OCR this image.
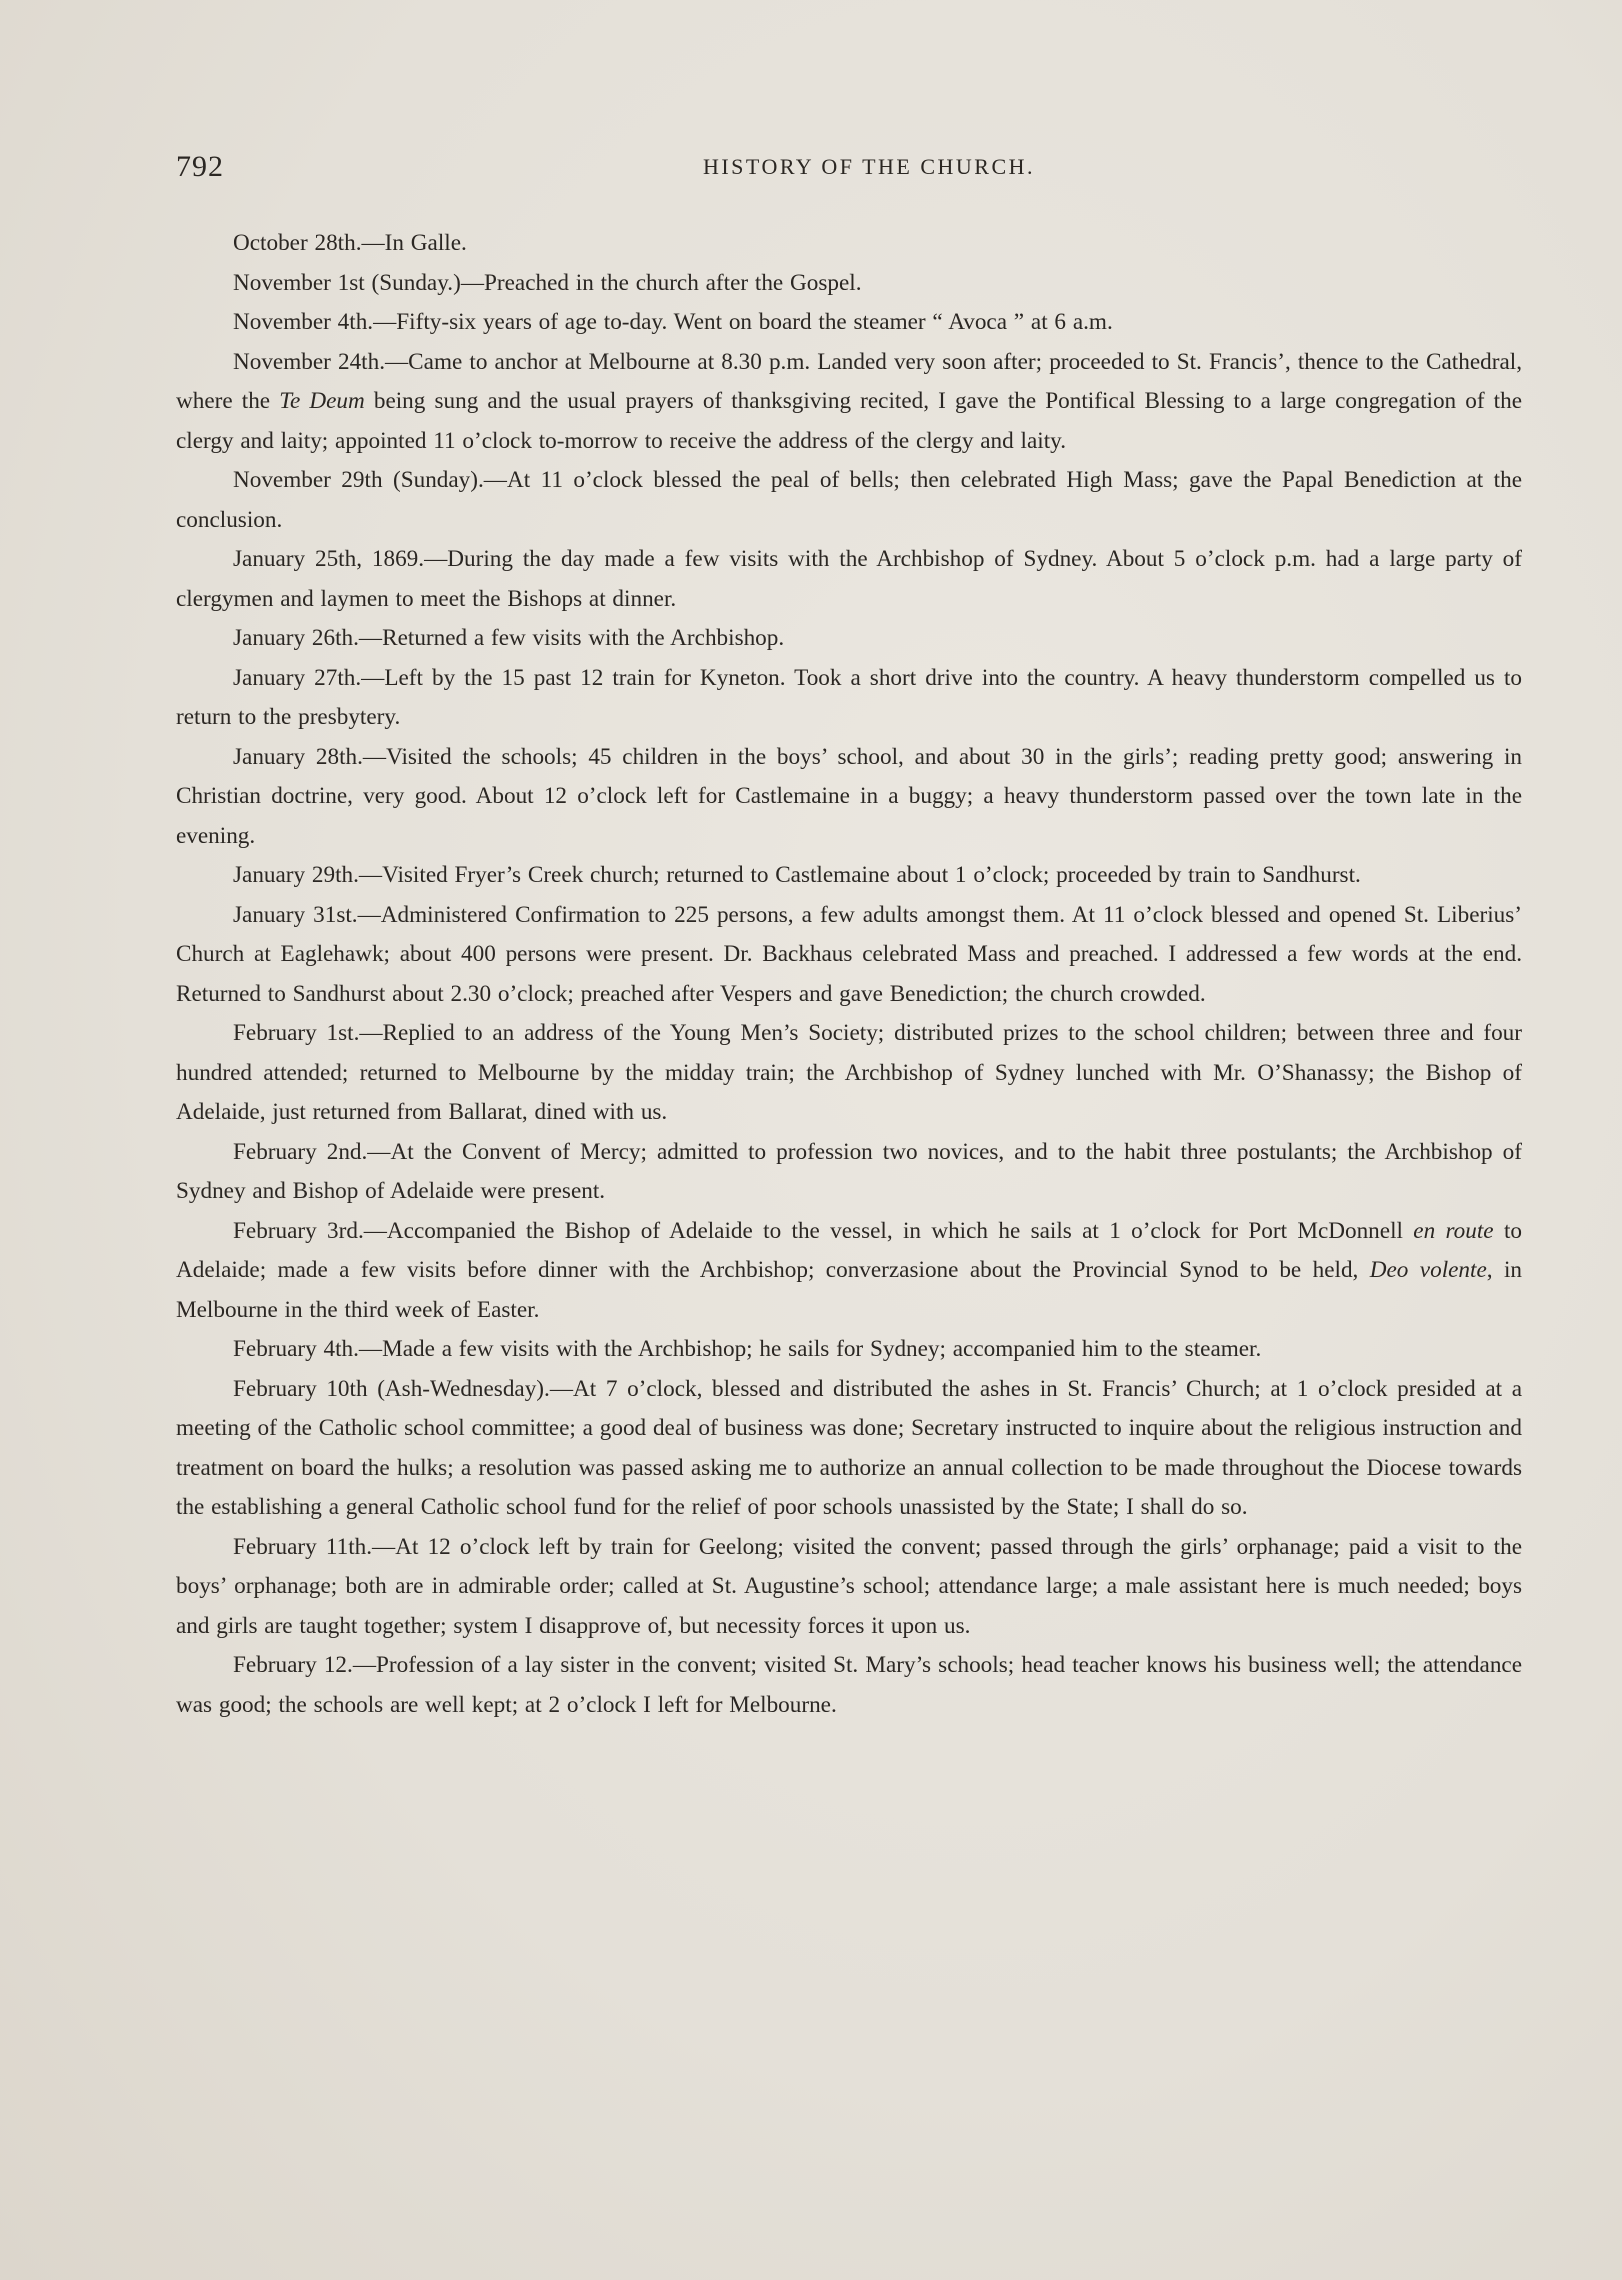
792	HISTORY OF THE CHURCH.

October 28th.—In Galle.

November 1st (Sunday.)—Preached in the church after the Gospel.

November 4th.—Fifty-six years of age to-day. Went on board the steamer “ Avoca ” at 6 a.m.

November 24th.—Came to anchor at Melbourne at 8.30 p.m. Landed very soon after; proceeded to St. Francis’, thence to the Cathedral, where the Te Deum being sung and the usual prayers of thanksgiving recited, I gave the Pontifical Blessing to a large congregation of the clergy and laity; appointed 11 o’clock to-morrow to receive the address of the clergy and laity.

November 29th (Sunday).—At 11 o’clock blessed the peal of bells; then celebrated High Mass; gave the Papal Benediction at the conclusion.

January 25th, 1869.—During the day made a few visits with the Archbishop of Sydney. About 5 o’clock p.m. had a large party of clergymen and laymen to meet the Bishops at dinner.

January 26th.—Returned a few visits with the Archbishop.

January 27th.—Left by the 15 past 12 train for Kyneton. Took a short drive into the country. A heavy thunderstorm compelled us to return to the presbytery.

January 28th.—Visited the schools; 45 children in the boys’ school, and about 30 in the girls’; reading pretty good; answering in Christian doctrine, very good. About 12 o’clock left for Castlemaine in a buggy; a heavy thunderstorm passed over the town late in the evening.

January 29th.—Visited Fryer’s Creek church; returned to Castlemaine about 1 o’clock; proceeded by train to Sandhurst.

January 31st.—Administered Confirmation to 225 persons, a few adults amongst them. At 11 o’clock blessed and opened St. Liberius’ Church at Eaglehawk; about 400 persons were present. Dr. Backhaus celebrated Mass and preached. I addressed a few words at the end. Returned to Sandhurst about 2.30 o’clock; preached after Vespers and gave Benediction; the church crowded.

February 1st.—Replied to an address of the Young Men’s Society; distributed prizes to the school children; between three and four hundred attended; returned to Melbourne by the midday train; the Archbishop of Sydney lunched with Mr. O’Shanassy; the Bishop of Adelaide, just returned from Ballarat, dined with us.

February 2nd.—At the Convent of Mercy; admitted to profession two novices, and to the habit three postulants; the Archbishop of Sydney and Bishop of Adelaide were present.

February 3rd.—Accompanied the Bishop of Adelaide to the vessel, in which he sails at 1 o’clock for Port McDonnell en route to Adelaide; made a few visits before dinner with the Archbishop; converzasione about the Provincial Synod to be held, Deo volente, in Melbourne in the third week of Easter.

February 4th.—Made a few visits with the Archbishop; he sails for Sydney; accompanied him to the steamer.

February 10th (Ash-Wednesday).—At 7 o’clock, blessed and distributed the ashes in St. Francis’ Church; at 1 o’clock presided at a meeting of the Catholic school committee; a good deal of business was done; Secretary instructed to inquire about the religious instruction and treatment on board the hulks; a resolution was passed asking me to authorize an annual collection to be made throughout the Diocese towards the establishing a general Catholic school fund for the relief of poor schools unassisted by the State; I shall do so.

February 11th.—At 12 o’clock left by train for Geelong; visited the convent; passed through the girls’ orphanage; paid a visit to the boys’ orphanage; both are in admirable order; called at St. Augustine’s school; attendance large; a male assistant here is much needed; boys and girls are taught together; system I disapprove of, but necessity forces it upon us.

February 12.—Profession of a lay sister in the convent; visited St. Mary’s schools; head teacher knows his business well; the attendance was good; the schools are well kept; at 2 o’clock I left for Melbourne.
